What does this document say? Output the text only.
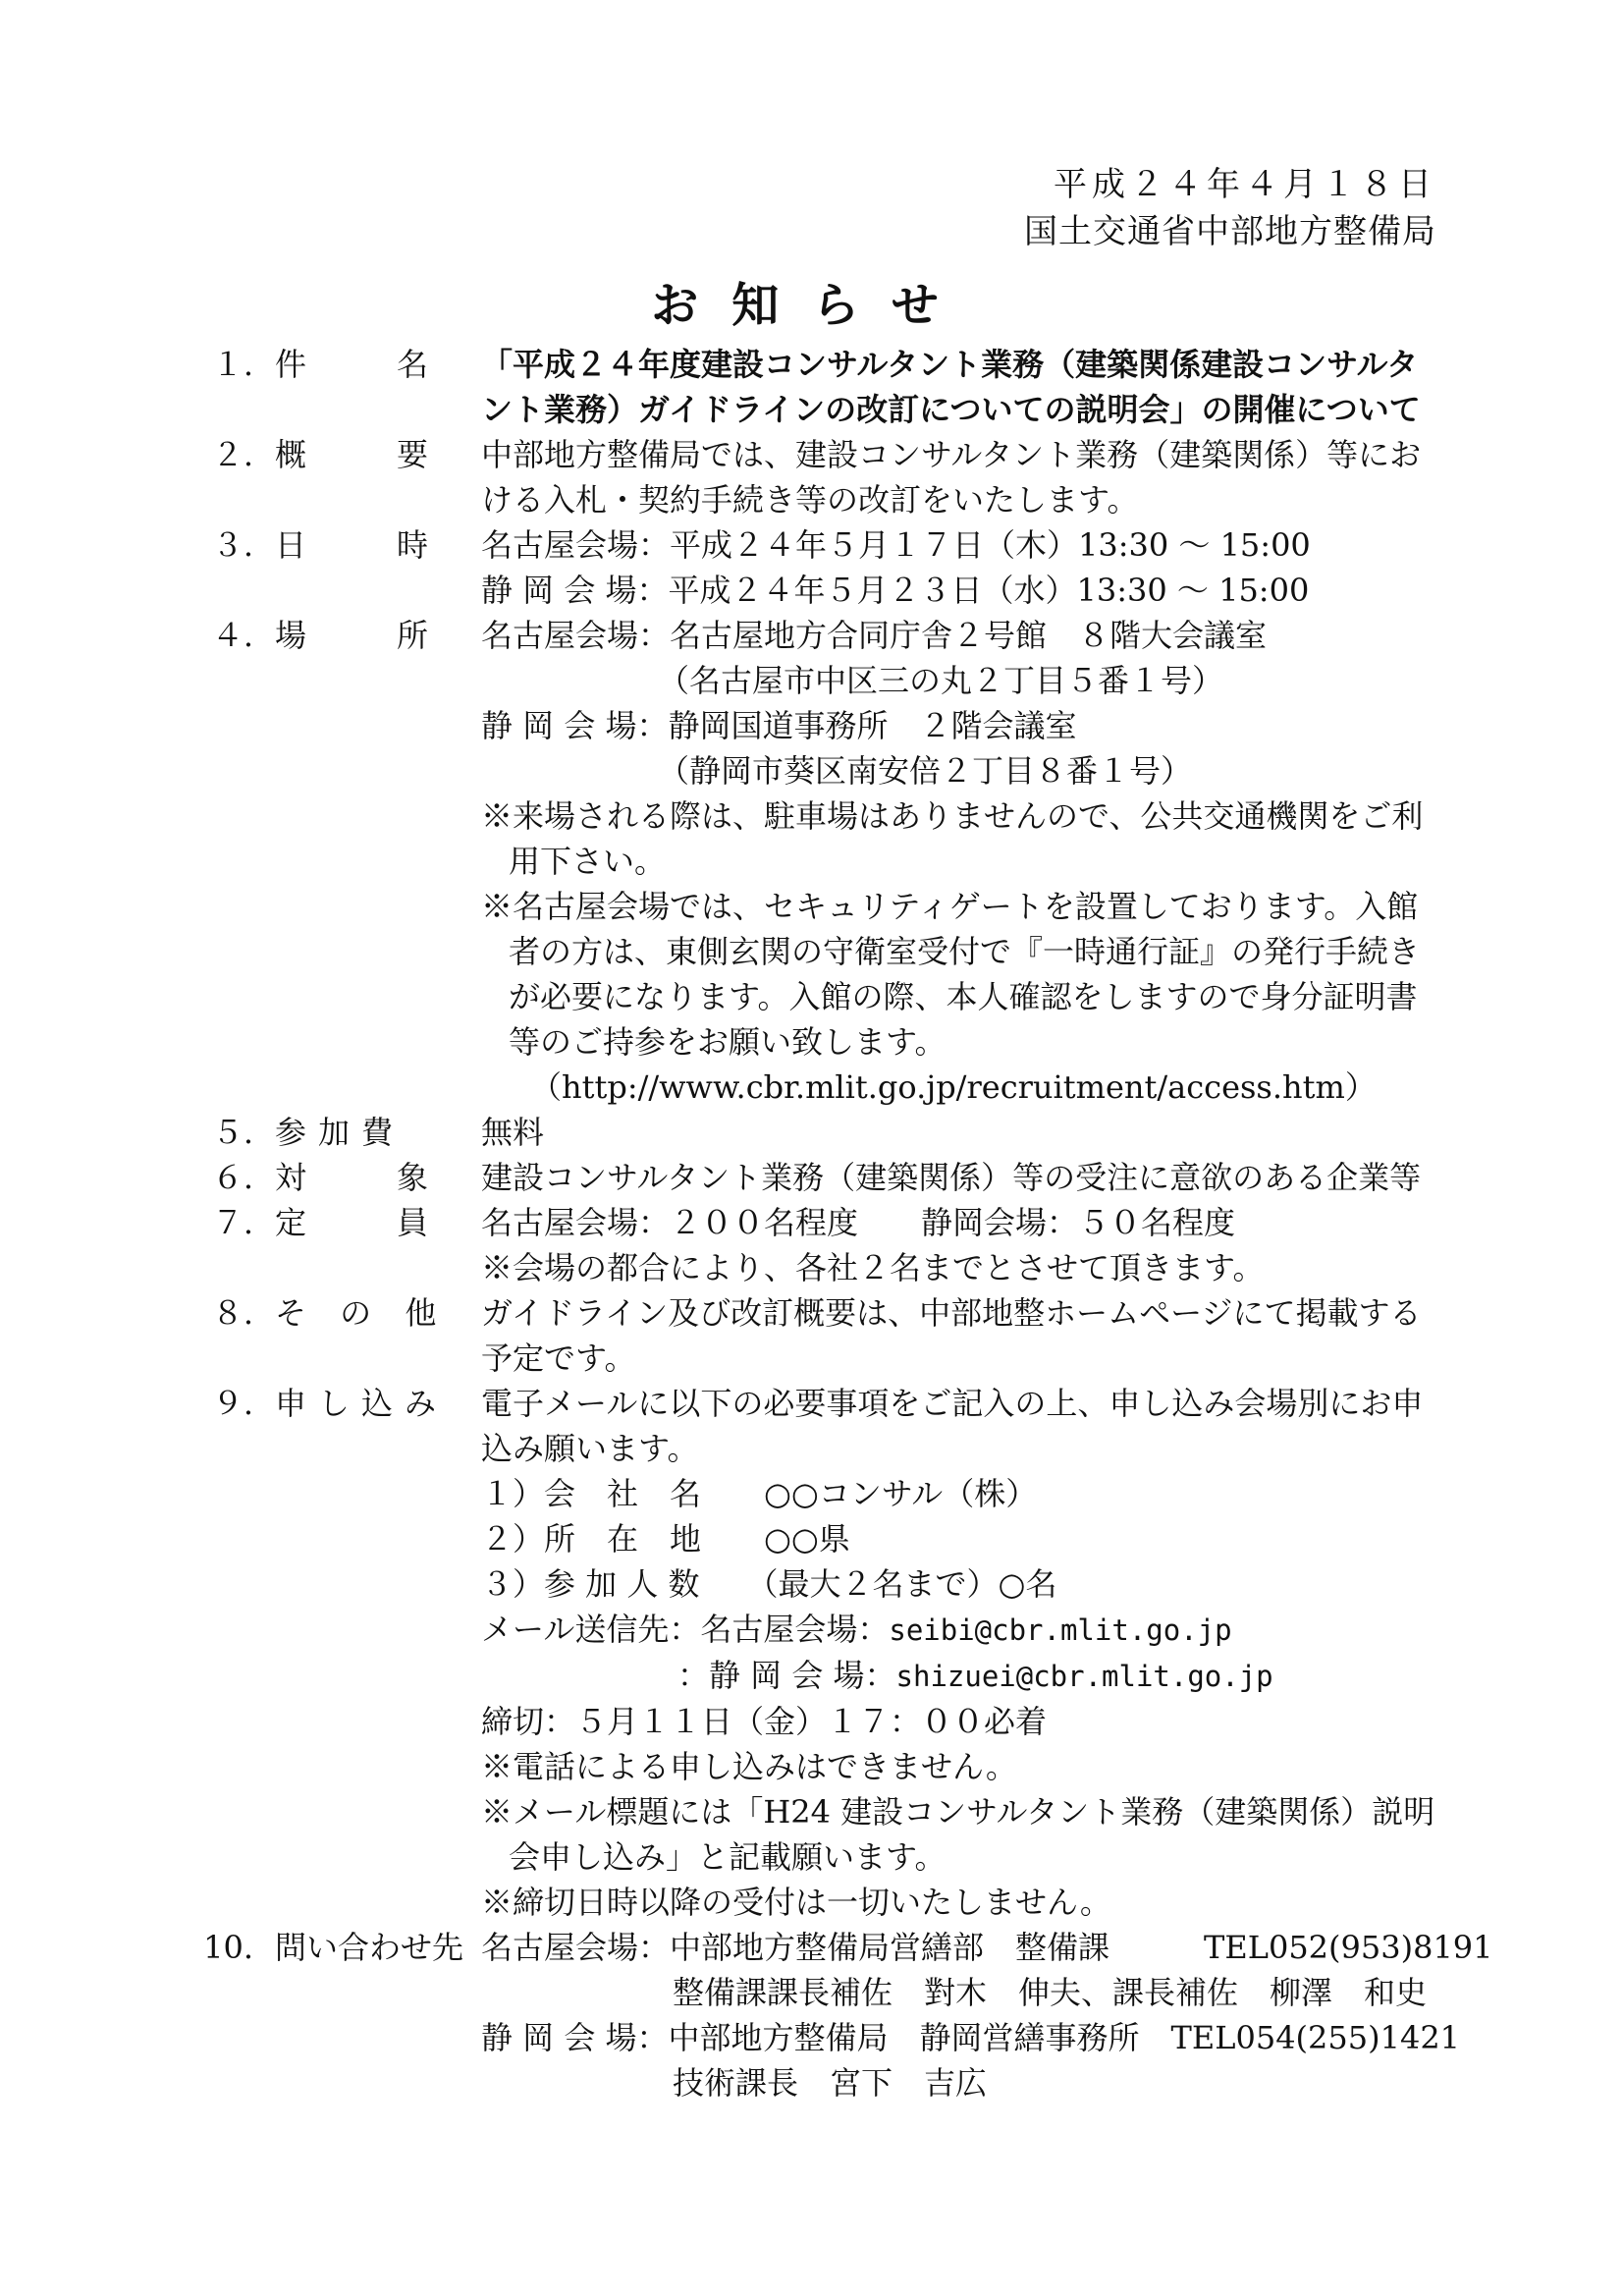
平成２４年４月１８日
国土交通省中部地方整備局
お知らせ
１. 件　名 「平成２４年度建設コンサルタント業務（建築関係建設コンサルタ
ント業務）ガイドラインの改訂についての説明会」の開催について
２. 概　要 中部地方整備局では、建設コンサルタント業務（建築関係）等にお
ける入札・契約手続き等の改訂をいたします。
３. 日　時 名古屋会場：平成２４年５月１７日（木）13:30 ～ 15:00
静 岡 会 場：平成２４年５月２３日（水）13:30 ～ 15:00
４. 場　所 名古屋会場：名古屋地方合同庁舎２号館　８階大会議室
（名古屋市中区三の丸２丁目５番１号）
静 岡 会 場：静岡国道事務所　２階会議室
（静岡市葵区南安倍２丁目８番１号）
※来場される際は、駐車場はありませんので、公共交通機関をご利
用下さい。
※名古屋会場では、セキュリティゲートを設置しております。入館
者の方は、東側玄関の守衛室受付で『一時通行証』の発行手続き
が必要になります。入館の際、本人確認をしますので身分証明書
等のご持参をお願い致します。
（http://www.cbr.mlit.go.jp/recruitment/access.htm）
５. 参加費 無料
６. 対　象 建設コンサルタント業務（建築関係）等の受注に意欲のある企業等
７. 定　員 名古屋会場：２００名程度　　静岡会場：５０名程度
※会場の都合により、各社２名までとさせて頂きます。
８. そ の 他 ガイドライン及び改訂概要は、中部地整ホームページにて掲載する
予定です。
９. 申し込み 電子メールに以下の必要事項をご記入の上、申し込み会場別にお申
込み願います。
１）会　社　名　　○○コンサル（株）
２）所　在　地　　○○県
３）参 加 人 数　　（最大２名まで）○名
メール送信先：名古屋会場：seibi@cbr.mlit.go.jp
：静 岡 会 場：shizuei@cbr.mlit.go.jp
締切：５月１１日（金）１７：００必着
※電話による申し込みはできません。
※メール標題には「H24 建設コンサルタント業務（建築関係）説明
会申し込み」と記載願います。
※締切日時以降の受付は一切いたしません。
10. 問い合わせ先 名古屋会場：中部地方整備局営繕部　整備課　　　TEL052(953)8191
整備課課長補佐　對木　伸夫、課長補佐　柳澤　和史
静 岡 会 場：中部地方整備局　静岡営繕事務所　TEL054(255)1421
技術課長　宮下　吉広
